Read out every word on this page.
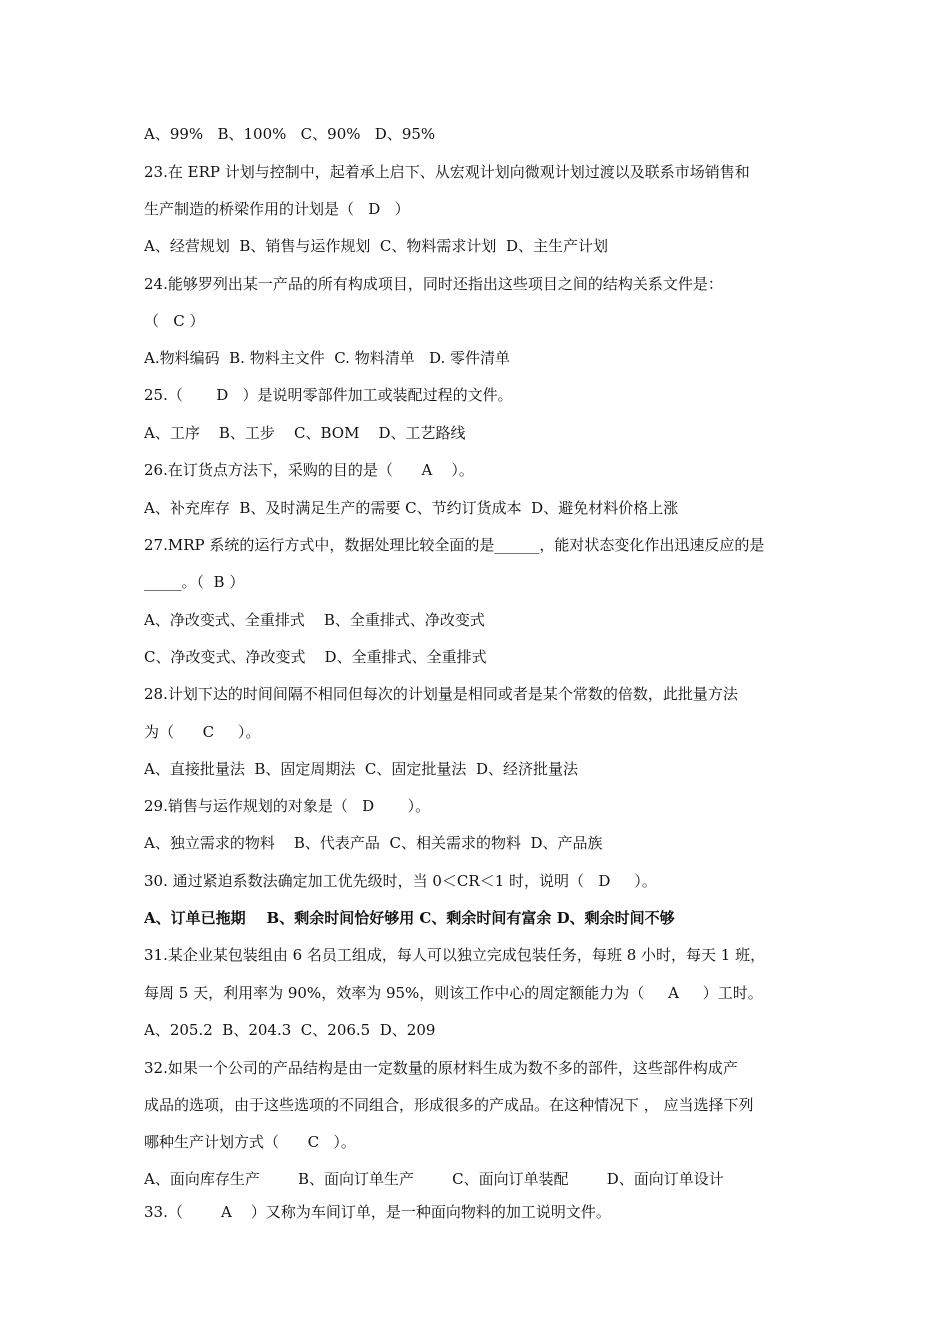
A、99%   B、100%   C、90%   D、95%
23.在 ERP 计划与控制中，起着承上启下、从宏观计划向微观计划过渡以及联系市场销售和
生产制造的桥梁作用的计划是（   D   ）
A、经营规划  B、销售与运作规划  C、物料需求计划  D、主生产计划
24.能够罗列出某一产品的所有构成项目，同时还指出这些项目之间的结构关系文件是：
（   C ）
A.物料编码  B. 物料主文件  C. 物料清单   D. 零件清单
25.（       D   ）是说明零部件加工或装配过程的文件。
A、工序    B、工步    C、BOM    D、工艺路线
26.在订货点方法下，采购的目的是（      A    ）。
A、补充库存  B、及时满足生产的需要 C、节约订货成本  D、避免材料价格上涨
27.MRP 系统的运行方式中，数据处理比较全面的是______，能对状态变化作出迅速反应的是
_____。（  B ）
A、净改变式、全重排式    B、全重排式、净改变式
C、净改变式、净改变式    D、全重排式、全重排式
28.计划下达的时间间隔不相同但每次的计划量是相同或者是某个常数的倍数，此批量方法
为（      C     ）。
A、直接批量法  B、固定周期法  C、固定批量法  D、经济批量法
29.销售与运作规划的对象是（   D       ）。
A、独立需求的物料    B、代表产品  C、相关需求的物料  D、产品族
30. 通过紧迫系数法确定加工优先级时，当 0＜CR＜1 时，说明（   D     ）。
A、订单已拖期    B、剩余时间恰好够用 C、剩余时间有富余 D、剩余时间不够
31.某企业某包装组由 6 名员工组成，每人可以独立完成包装任务，每班 8 小时，每天 1 班，
每周 5 天，利用率为 90%，效率为 95%，则该工作中心的周定额能力为（     A     ）工时。
A、205.2  B、204.3  C、206.5  D、209
32.如果一个公司的产品结构是由一定数量的原材料生成为数不多的部件，这些部件构成产
成品的选项，由于这些选项的不同组合，形成很多的产成品。在这种情况下 ， 应当选择下列
哪种生产计划方式（      C   ）。
A、面向库存生产        B、面向订单生产        C、面向订单装配        D、面向订单设计
33.（        A    ）又称为车间订单，是一种面向物料的加工说明文件。
